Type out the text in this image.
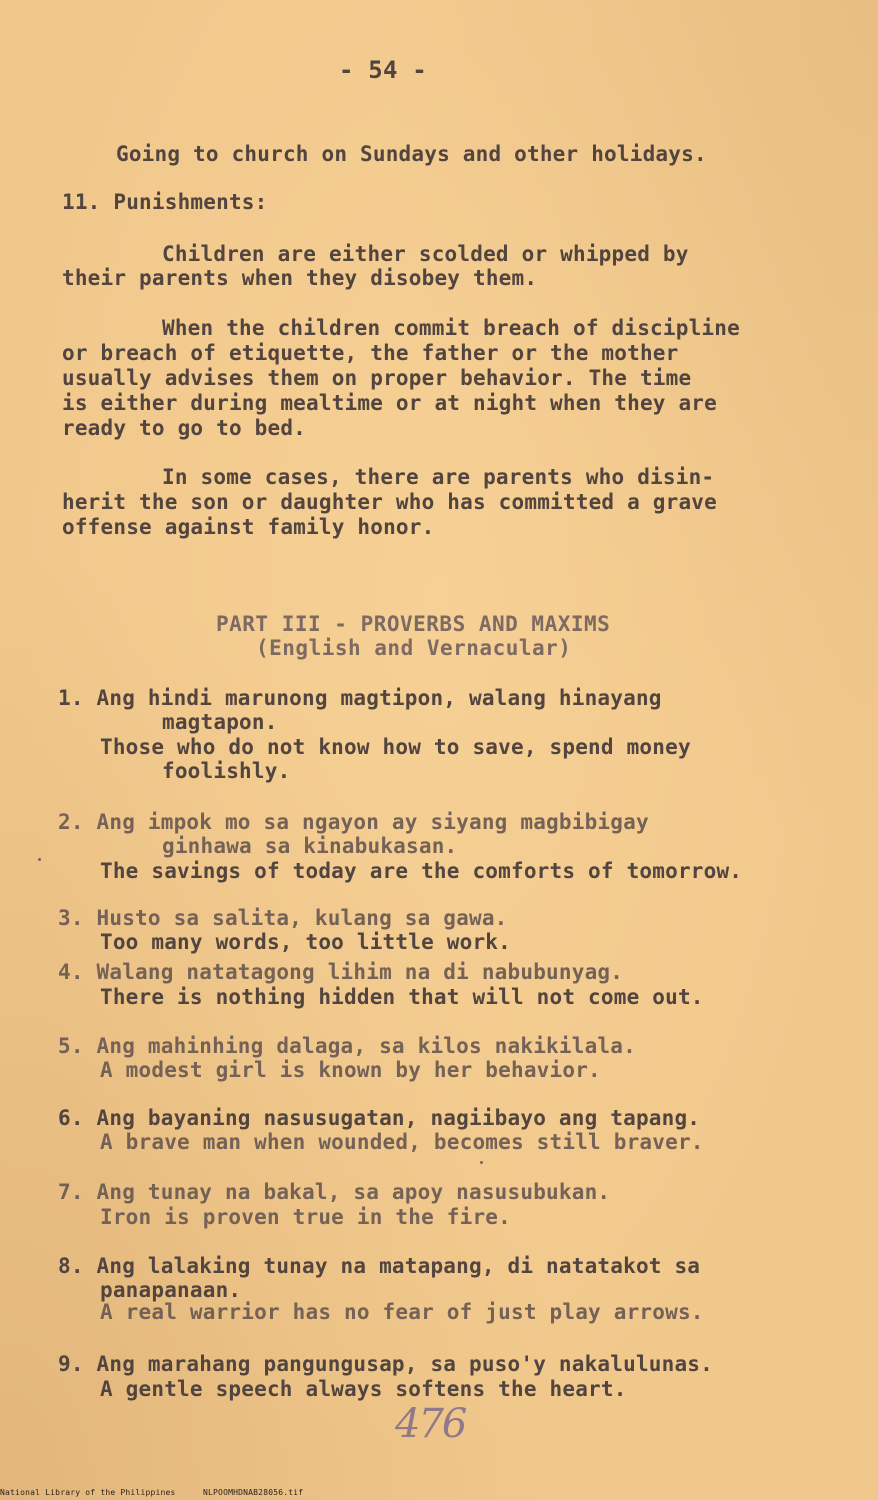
- 54 -
Going to church on Sundays and other holidays.
11. Punishments:
Children are either scolded or whipped by
their parents when they disobey them.
When the children commit breach of discipline
or breach of etiquette, the father or the mother
usually advises them on proper behavior. The time
is either during mealtime or at night when they are
ready to go to bed.
In some cases, there are parents who disin-
herit the son or daughter who has committed a grave
offense against family honor.
PART III - PROVERBS AND MAXIMS
(English and Vernacular)
1. Ang hindi marunong magtipon, walang hinayang
magtapon.
Those who do not know how to save, spend money
foolishly.
2. Ang impok mo sa ngayon ay siyang magbibigay
ginhawa sa kinabukasan.
The savings of today are the comforts of tomorrow.
3. Husto sa salita, kulang sa gawa.
Too many words, too little work.
4. Walang natatagong lihim na di nabubunyag.
There is nothing hidden that will not come out.
5. Ang mahinhing dalaga, sa kilos nakikilala.
A modest girl is known by her behavior.
6. Ang bayaning nasusugatan, nagiibayo ang tapang.
A brave man when wounded, becomes still braver.
7. Ang tunay na bakal, sa apoy nasusubukan.
Iron is proven true in the fire.
8. Ang lalaking tunay na matapang, di natatakot sa
panapanaan.
A real warrior has no fear of just play arrows.
9. Ang marahang pangungusap, sa puso'y nakalulunas.
A gentle speech always softens the heart.
476
National Library of the Philippines	NLPOOMHDNAB28056.tif
